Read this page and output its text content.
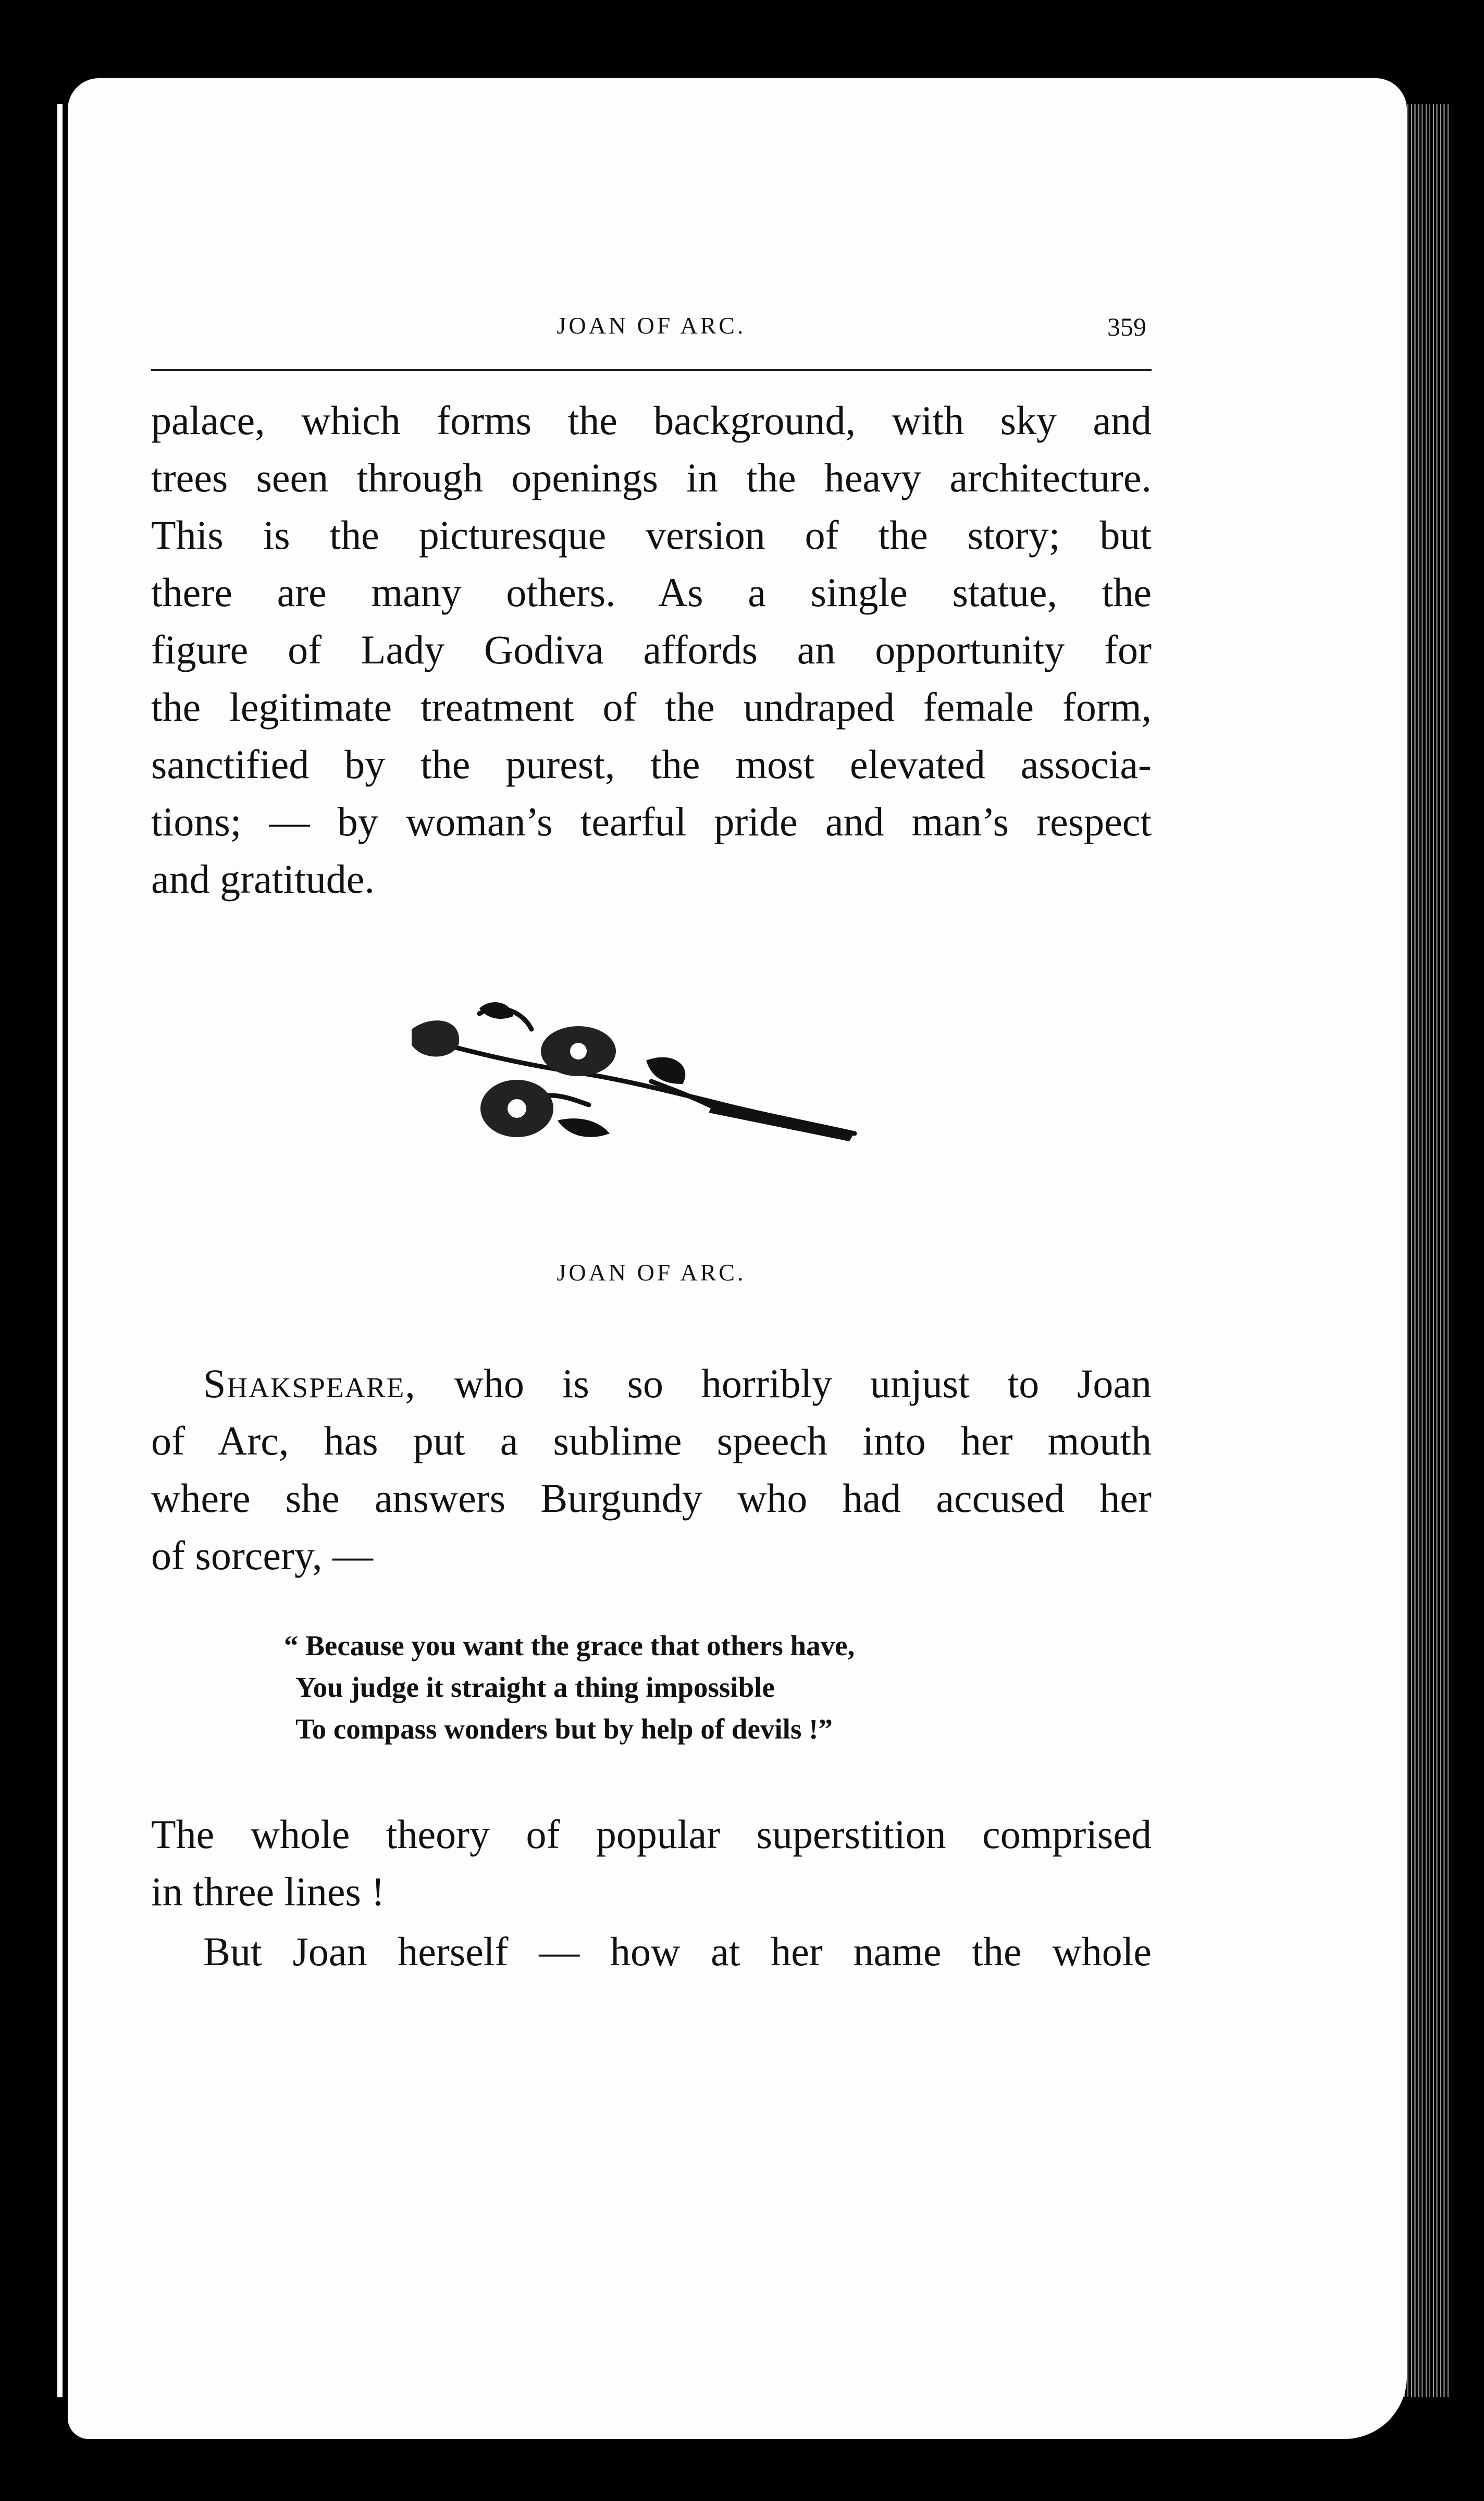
JOAN OF ARC.	359
palace, which forms the background, with sky and
trees seen through openings in the heavy architecture.
This is the picturesque version of the story; but
there are many others. As a single statue, the
figure of Lady Godiva affords an opportunity for
the legitimate treatment of the undraped female form,
sanctified by the purest, the most elevated associa-
tions; — by woman’s tearful pride and man’s respect
and gratitude.
JOAN OF ARC.
Shakspeare, who is so horribly unjust to Joan
of Arc, has put a sublime speech into her mouth
where she answers Burgundy who had accused her
of sorcery, —
“ Because you want the grace that others have,
You judge it straight a thing impossible
To compass wonders but by help of devils !”
The whole theory of popular superstition comprised
in three lines !
But Joan herself — how at her name the whole
